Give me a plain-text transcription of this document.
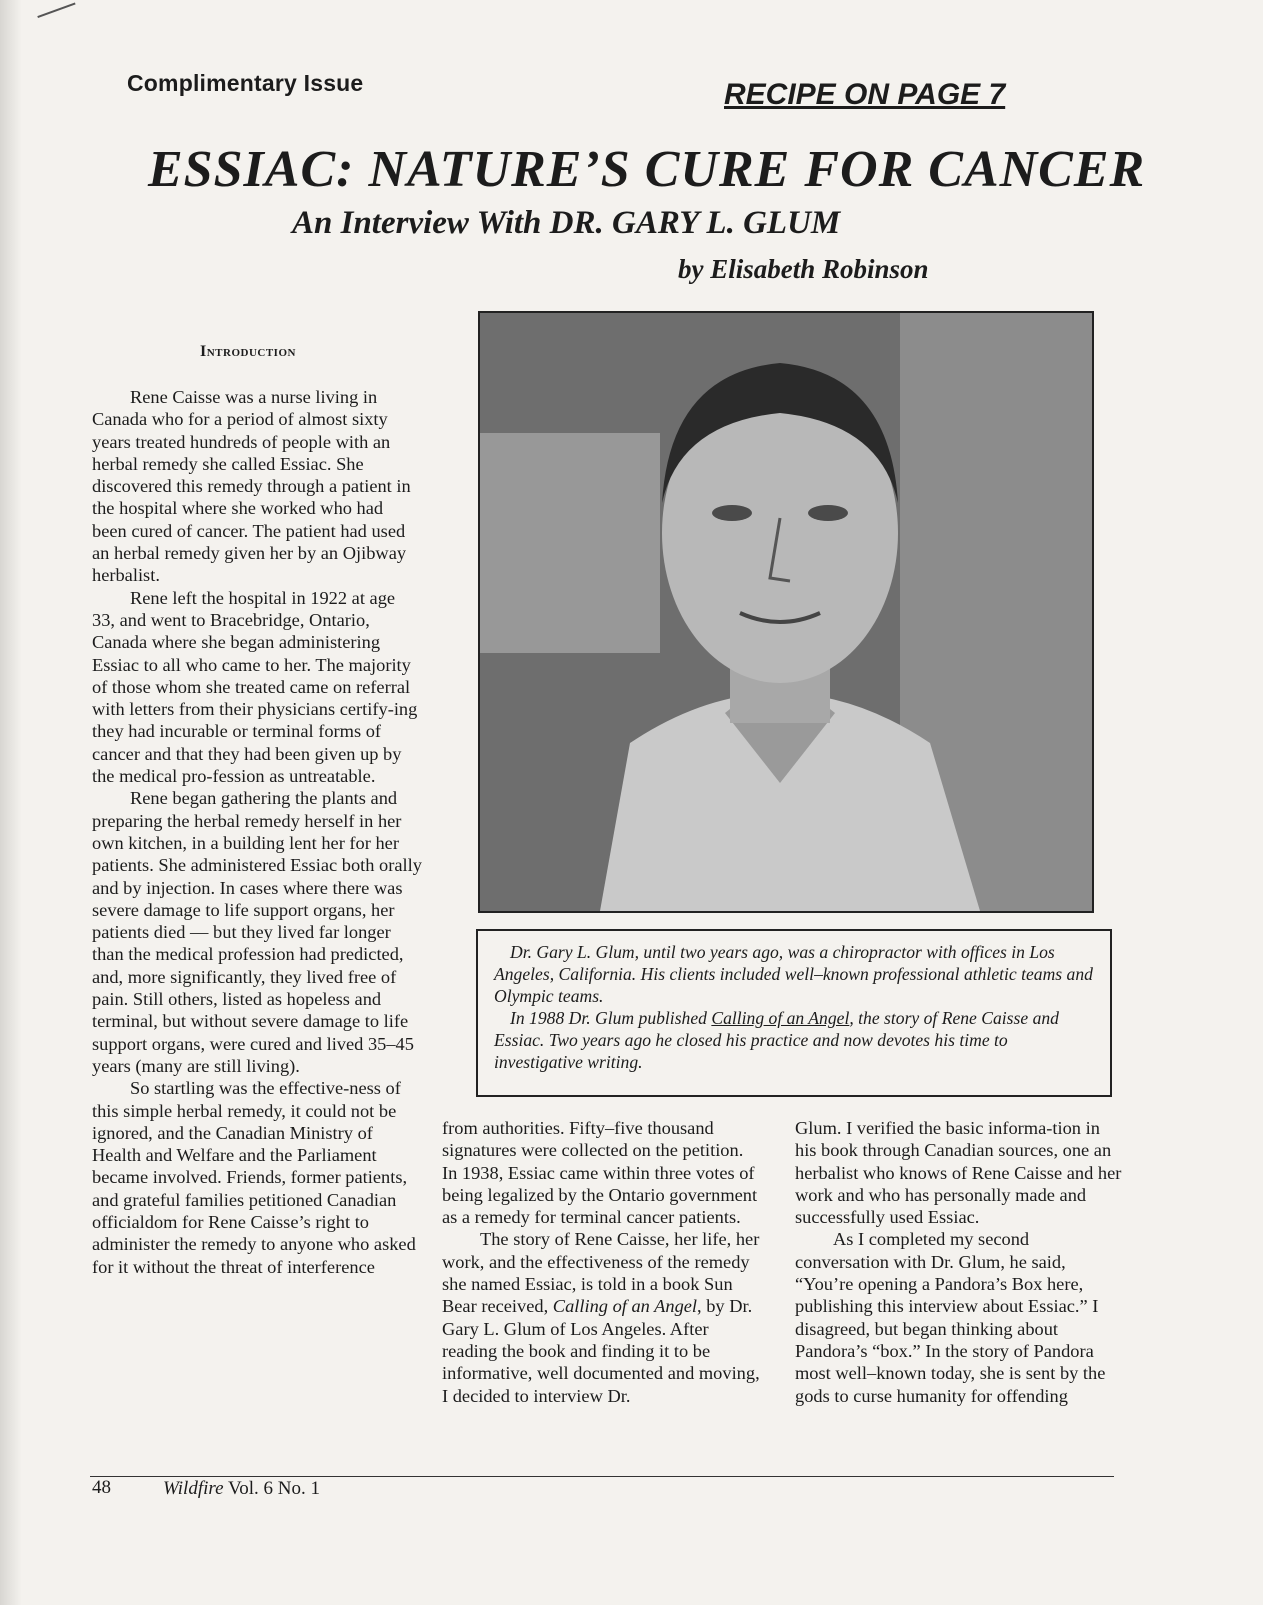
Complimentary Issue	RECIPE ON PAGE 7
ESSIAC: NATURE’S CURE FOR CANCER
An Interview With DR. GARY L. GLUM
by Elisabeth Robinson
Introduction

Rene Caisse was a nurse living in Canada who for a period of almost sixty years treated hundreds of people with an herbal remedy she called Essiac. She discovered this remedy through a patient in the hospital where she worked who had been cured of cancer. The patient had used an herbal remedy given her by an Ojibway herbalist.

Rene left the hospital in 1922 at age 33, and went to Bracebridge, Ontario, Canada where she began administering Essiac to all who came to her. The majority of those whom she treated came on referral with letters from their physicians certify-ing they had incurable or terminal forms of cancer and that they had been given up by the medical pro-fession as untreatable.

Rene began gathering the plants and preparing the herbal remedy herself in her own kitchen, in a building lent her for her patients. She administered Essiac both orally and by injection. In cases where there was severe damage to life support organs, her patients died — but they lived far longer than the medical profession had predicted, and, more significantly, they lived free of pain. Still others, listed as hopeless and terminal, but without severe damage to life support organs, were cured and lived 35–45 years (many are still living).

So startling was the effective-ness of this simple herbal remedy, it could not be ignored, and the Canadian Ministry of Health and Welfare and the Parliament became involved. Friends, former patients, and grateful families petitioned Canadian officialdom for Rene Caisse’s right to administer the remedy to anyone who asked for it without the threat of interference

Dr. Gary L. Glum, until two years ago, was a chiropractor with offices in Los Angeles, California. His clients included well–known professional athletic teams and Olympic teams.

In 1988 Dr. Glum published Calling of an Angel, the story of Rene Caisse and Essiac. Two years ago he closed his practice and now devotes his time to investigative writing.

from authorities. Fifty–five thousand signatures were collected on the petition. In 1938, Essiac came within three votes of being legalized by the Ontario government as a remedy for terminal cancer patients.

The story of Rene Caisse, her life, her work, and the effectiveness of the remedy she named Essiac, is told in a book Sun Bear received, Calling of an Angel, by Dr. Gary L. Glum of Los Angeles. After reading the book and finding it to be informative, well documented and moving, I decided to interview Dr.

Glum. I verified the basic informa-tion in his book through Canadian sources, one an herbalist who knows of Rene Caisse and her work and who has personally made and successfully used Essiac.

As I completed my second conversation with Dr. Glum, he said, “You’re opening a Pandora’s Box here, publishing this interview about Essiac.” I disagreed, but began thinking about Pandora’s “box.” In the story of Pandora most well–known today, she is sent by the gods to curse humanity for offending

48	Wildfire Vol. 6 No. 1
